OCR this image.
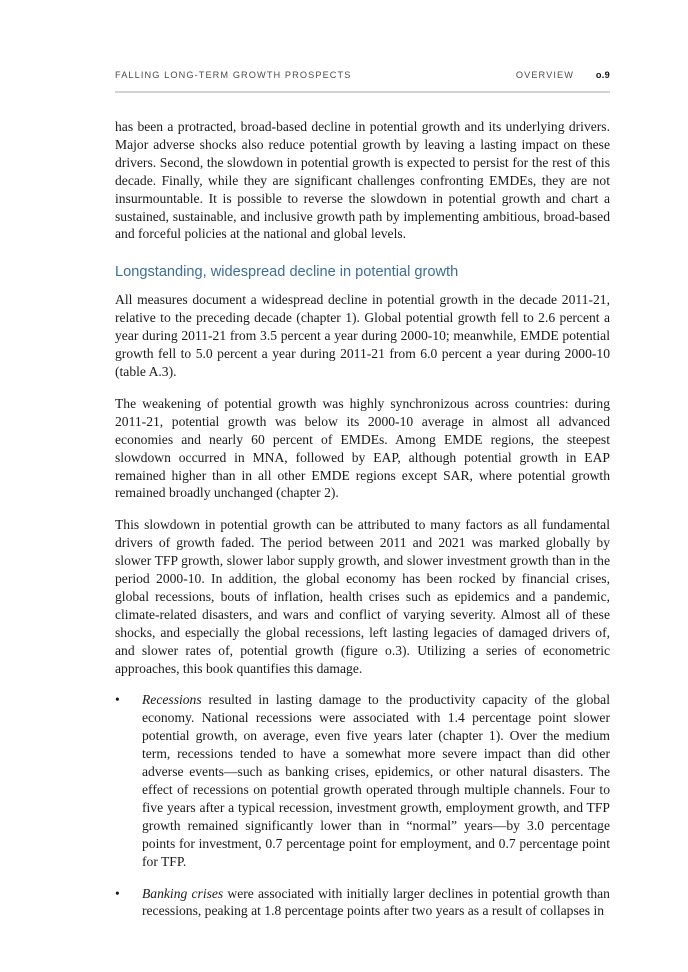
FALLING LONG-TERM GROWTH PROSPECTS	OVERVIEW o.9

has been a protracted, broad-based decline in potential growth and its underlying drivers. Major adverse shocks also reduce potential growth by leaving a lasting impact on these drivers. Second, the slowdown in potential growth is expected to persist for the rest of this decade. Finally, while they are significant challenges confronting EMDEs, they are not insurmountable. It is possible to reverse the slowdown in potential growth and chart a sustained, sustainable, and inclusive growth path by implementing ambitious, broad-based and forceful policies at the national and global levels.

Longstanding, widespread decline in potential growth

All measures document a widespread decline in potential growth in the decade 2011-21, relative to the preceding decade (chapter 1). Global potential growth fell to 2.6 percent a year during 2011-21 from 3.5 percent a year during 2000-10; meanwhile, EMDE potential growth fell to 5.0 percent a year during 2011-21 from 6.0 percent a year during 2000-10 (table A.3).

The weakening of potential growth was highly synchronizous across countries: during 2011-21, potential growth was below its 2000-10 average in almost all advanced economies and nearly 60 percent of EMDEs. Among EMDE regions, the steepest slowdown occurred in MNA, followed by EAP, although potential growth in EAP remained higher than in all other EMDE regions except SAR, where potential growth remained broadly unchanged (chapter 2).

This slowdown in potential growth can be attributed to many factors as all fundamental drivers of growth faded. The period between 2011 and 2021 was marked globally by slower TFP growth, slower labor supply growth, and slower investment growth than in the period 2000-10. In addition, the global economy has been rocked by financial crises, global recessions, bouts of inflation, health crises such as epidemics and a pandemic, climate-related disasters, and wars and conflict of varying severity. Almost all of these shocks, and especially the global recessions, left lasting legacies of damaged drivers of, and slower rates of, potential growth (figure o.3). Utilizing a series of econometric approaches, this book quantifies this damage.

• Recessions resulted in lasting damage to the productivity capacity of the global economy. National recessions were associated with 1.4 percentage point slower potential growth, on average, even five years later (chapter 1). Over the medium term, recessions tended to have a somewhat more severe impact than did other adverse events—such as banking crises, epidemics, or other natural disasters. The effect of recessions on potential growth operated through multiple channels. Four to five years after a typical recession, investment growth, employment growth, and TFP growth remained significantly lower than in “normal” years—by 3.0 percentage points for investment, 0.7 percentage point for employment, and 0.7 percentage point for TFP.
• Banking crises were associated with initially larger declines in potential growth than recessions, peaking at 1.8 percentage points after two years as a result of collapses in
